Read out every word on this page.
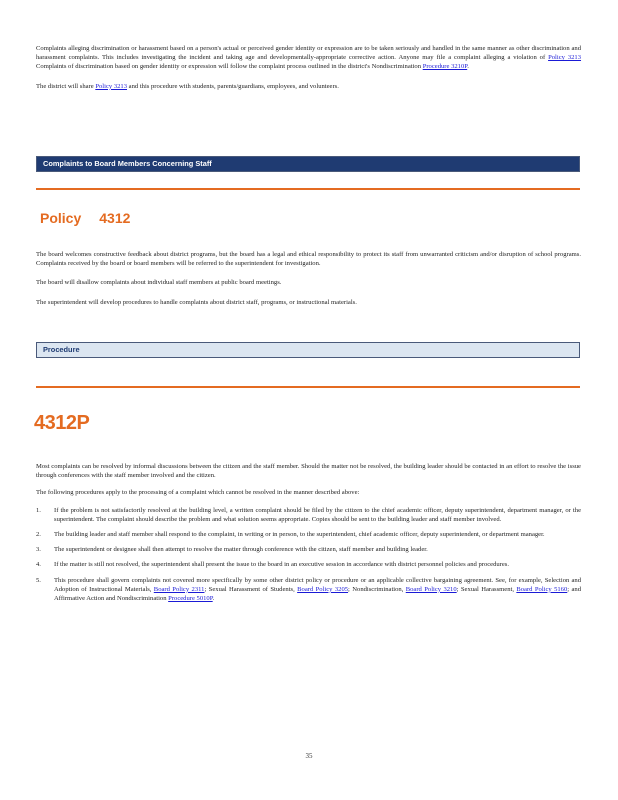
Complaints alleging discrimination or harassment based on a person's actual or perceived gender identity or expression are to be taken seriously and handled in the same manner as other discrimination and harassment complaints. This includes investigating the incident and taking age and developmentally-appropriate corrective action. Anyone may file a complaint alleging a violation of Policy 3213 Complaints of discrimination based on gender identity or expression will follow the complaint process outlined in the district's Nondiscrimination Procedure 3210P.

The district will share Policy 3213 and this procedure with students, parents/guardians, employees, and volunteers.

Complaints to Board Members Concerning Staff
Policy 4312

The board welcomes constructive feedback about district programs, but the board has a legal and ethical responsibility to protect its staff from unwarranted criticism and/or disruption of school programs. Complaints received by the board or board members will be referred to the superintendent for investigation.

The board will disallow complaints about individual staff members at public board meetings.

The superintendent will develop procedures to handle complaints about district staff, programs, or instructional materials.

Procedure
4312P

Most complaints can be resolved by informal discussions between the citizen and the staff member. Should the matter not be resolved, the building leader should be contacted in an effort to resolve the issue through conferences with the staff member involved and the citizen.

The following procedures apply to the processing of a complaint which cannot be resolved in the manner described above:

1. If the problem is not satisfactorily resolved at the building level, a written complaint should be filed by the citizen to the chief academic officer, deputy superintendent, department manager, or the superintendent. The complaint should describe the problem and what solution seems appropriate. Copies should be sent to the building leader and staff member involved.

2. The building leader and staff member shall respond to the complaint, in writing or in person, to the superintendent, chief academic officer, deputy superintendent, or department manager.

3. The superintendent or designee shall then attempt to resolve the matter through conference with the citizen, staff member and building leader.

4. If the matter is still not resolved, the superintendent shall present the issue to the board in an executive session in accordance with district personnel policies and procedures.

5. This procedure shall govern complaints not covered more specifically by some other district policy or procedure or an applicable collective bargaining agreement. See, for example, Selection and Adoption of Instructional Materials, Board Policy 2311; Sexual Harassment of Students, Board Policy 3205; Nondiscrimination, Board Policy 3210; Sexual Harassment, Board Policy 5160; and Affirmative Action and Nondiscrimination Procedure 5010P.

35
